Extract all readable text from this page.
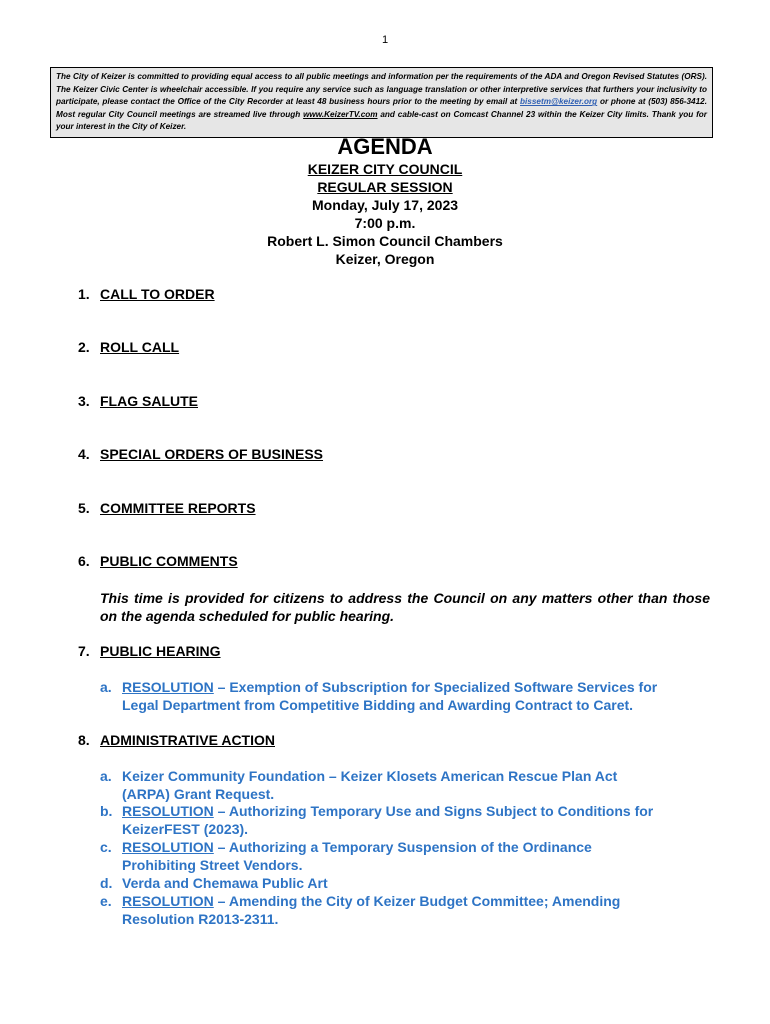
1
The City of Keizer is committed to providing equal access to all public meetings and information per the requirements of the ADA and Oregon Revised Statutes (ORS). The Keizer Civic Center is wheelchair accessible. If you require any service such as language translation or other interpretive services that furthers your inclusivity to participate, please contact the Office of the City Recorder at least 48 business hours prior to the meeting by email at bissetm@keizer.org or phone at (503) 856-3412. Most regular City Council meetings are streamed live through www.KeizerTV.com and cable-cast on Comcast Channel 23 within the Keizer City limits. Thank you for your interest in the City of Keizer.
AGENDA
KEIZER CITY COUNCIL
REGULAR SESSION
Monday, July 17, 2023
7:00 p.m.
Robert L. Simon Council Chambers
Keizer, Oregon
1. CALL TO ORDER
2. ROLL CALL
3. FLAG SALUTE
4. SPECIAL ORDERS OF BUSINESS
5. COMMITTEE REPORTS
6. PUBLIC COMMENTS
This time is provided for citizens to address the Council on any matters other than those on the agenda scheduled for public hearing.
7. PUBLIC HEARING
a. RESOLUTION – Exemption of Subscription for Specialized Software Services for
Legal Department from Competitive Bidding and Awarding Contract to Caret.
8. ADMINISTRATIVE ACTION
a. Keizer Community Foundation – Keizer Klosets American Rescue Plan Act
(ARPA) Grant Request.
b. RESOLUTION – Authorizing Temporary Use and Signs Subject to Conditions for
KeizerFEST (2023).
c. RESOLUTION – Authorizing a Temporary Suspension of the Ordinance
Prohibiting Street Vendors.
d. Verda and Chemawa Public Art
e. RESOLUTION – Amending the City of Keizer Budget Committee; Amending
Resolution R2013-2311.
